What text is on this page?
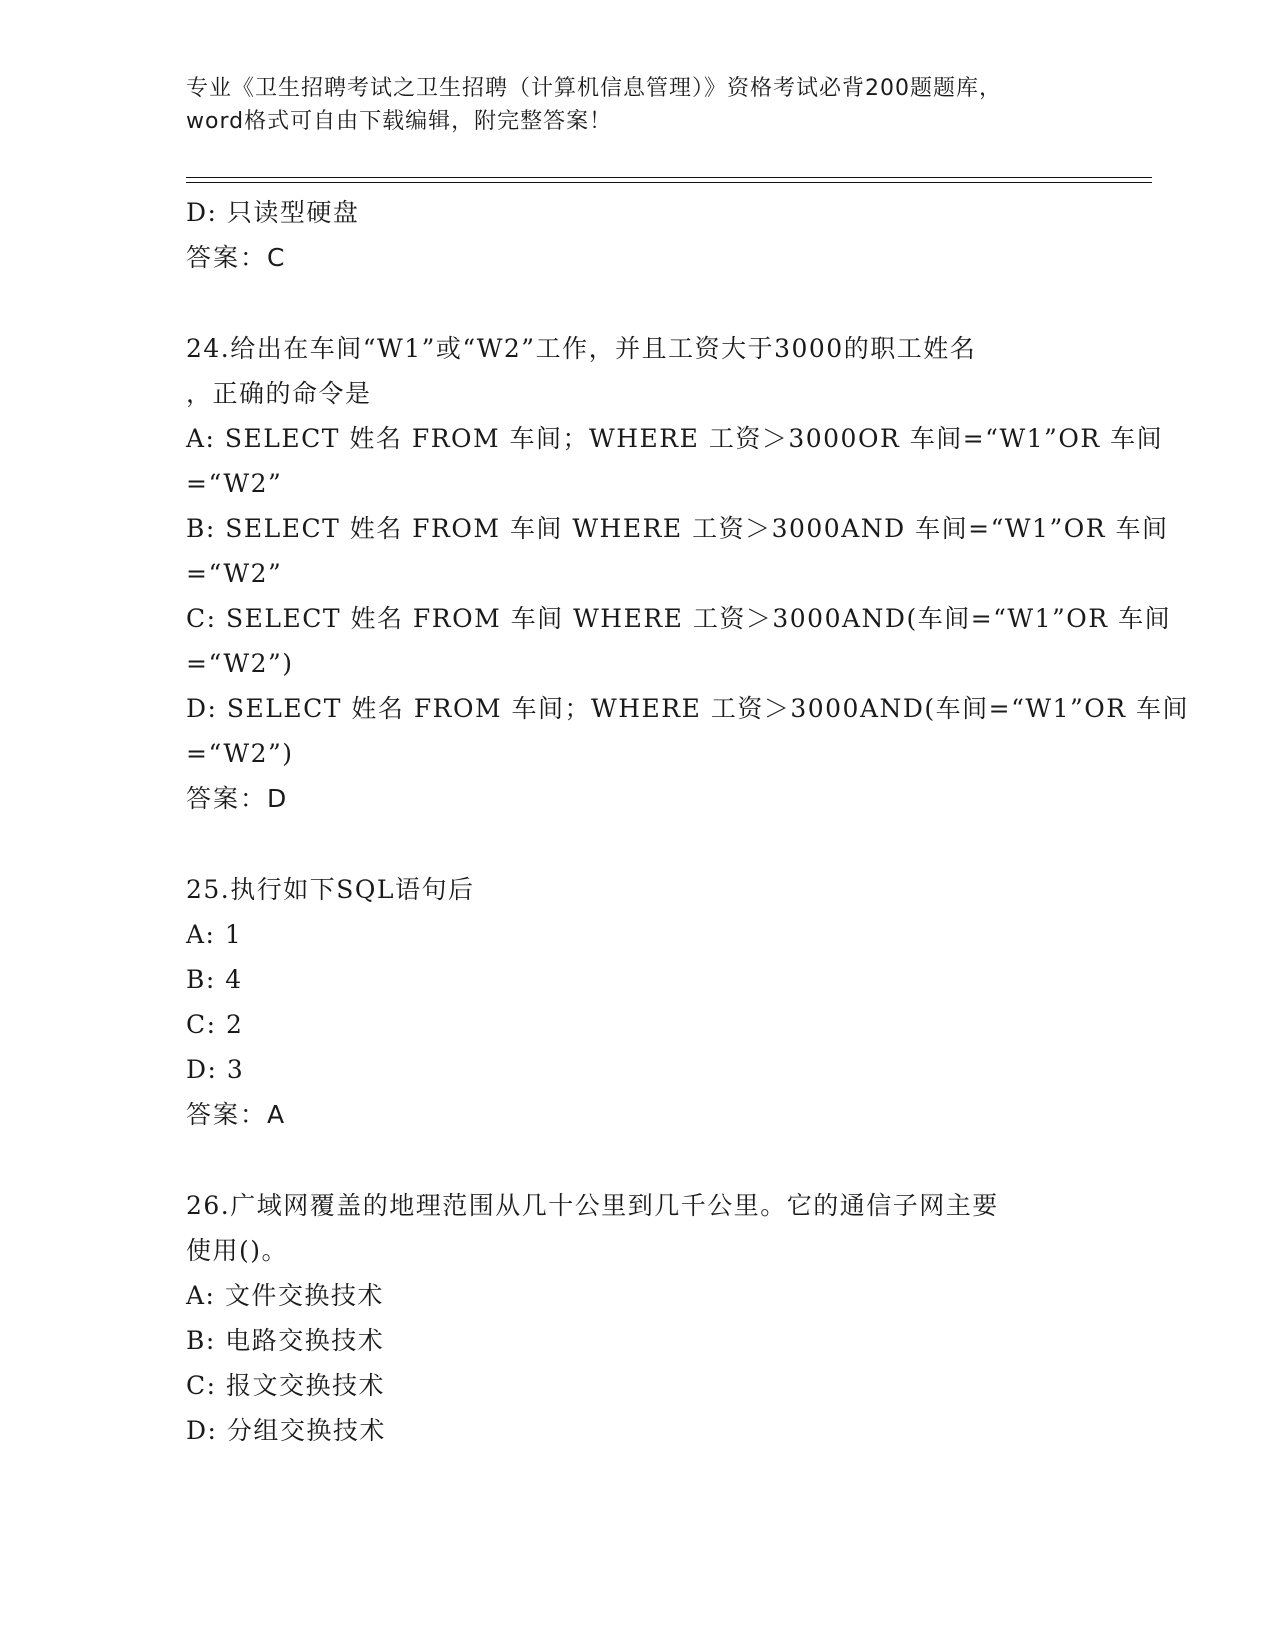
专业《卫生招聘考试之卫生招聘（计算机信息管理）》资格考试必背200题题库，
word格式可自由下载编辑，附完整答案！
D: 只读型硬盘
答案：C
24.给出在车间“W1”或“W2”工作，并且工资大于3000的职工姓名
，正确的命令是
A: SELECT 姓名 FROM 车间；WHERE 工资＞3000OR 车间=“W1”OR 车间
=“W2”
B: SELECT 姓名 FROM 车间 WHERE 工资＞3000AND 车间=“W1”OR 车间
=“W2”
C: SELECT 姓名 FROM 车间 WHERE 工资＞3000AND(车间=“W1”OR 车间
=“W2”)
D: SELECT 姓名 FROM 车间；WHERE 工资＞3000AND(车间=“W1”OR 车间
=“W2”)
答案：D
25.执行如下SQL语句后
A: 1
B: 4
C: 2
D: 3
答案：A
26.广域网覆盖的地理范围从几十公里到几千公里。它的通信子网主要
使用()。
A: 文件交换技术
B: 电路交换技术
C: 报文交换技术
D: 分组交换技术
